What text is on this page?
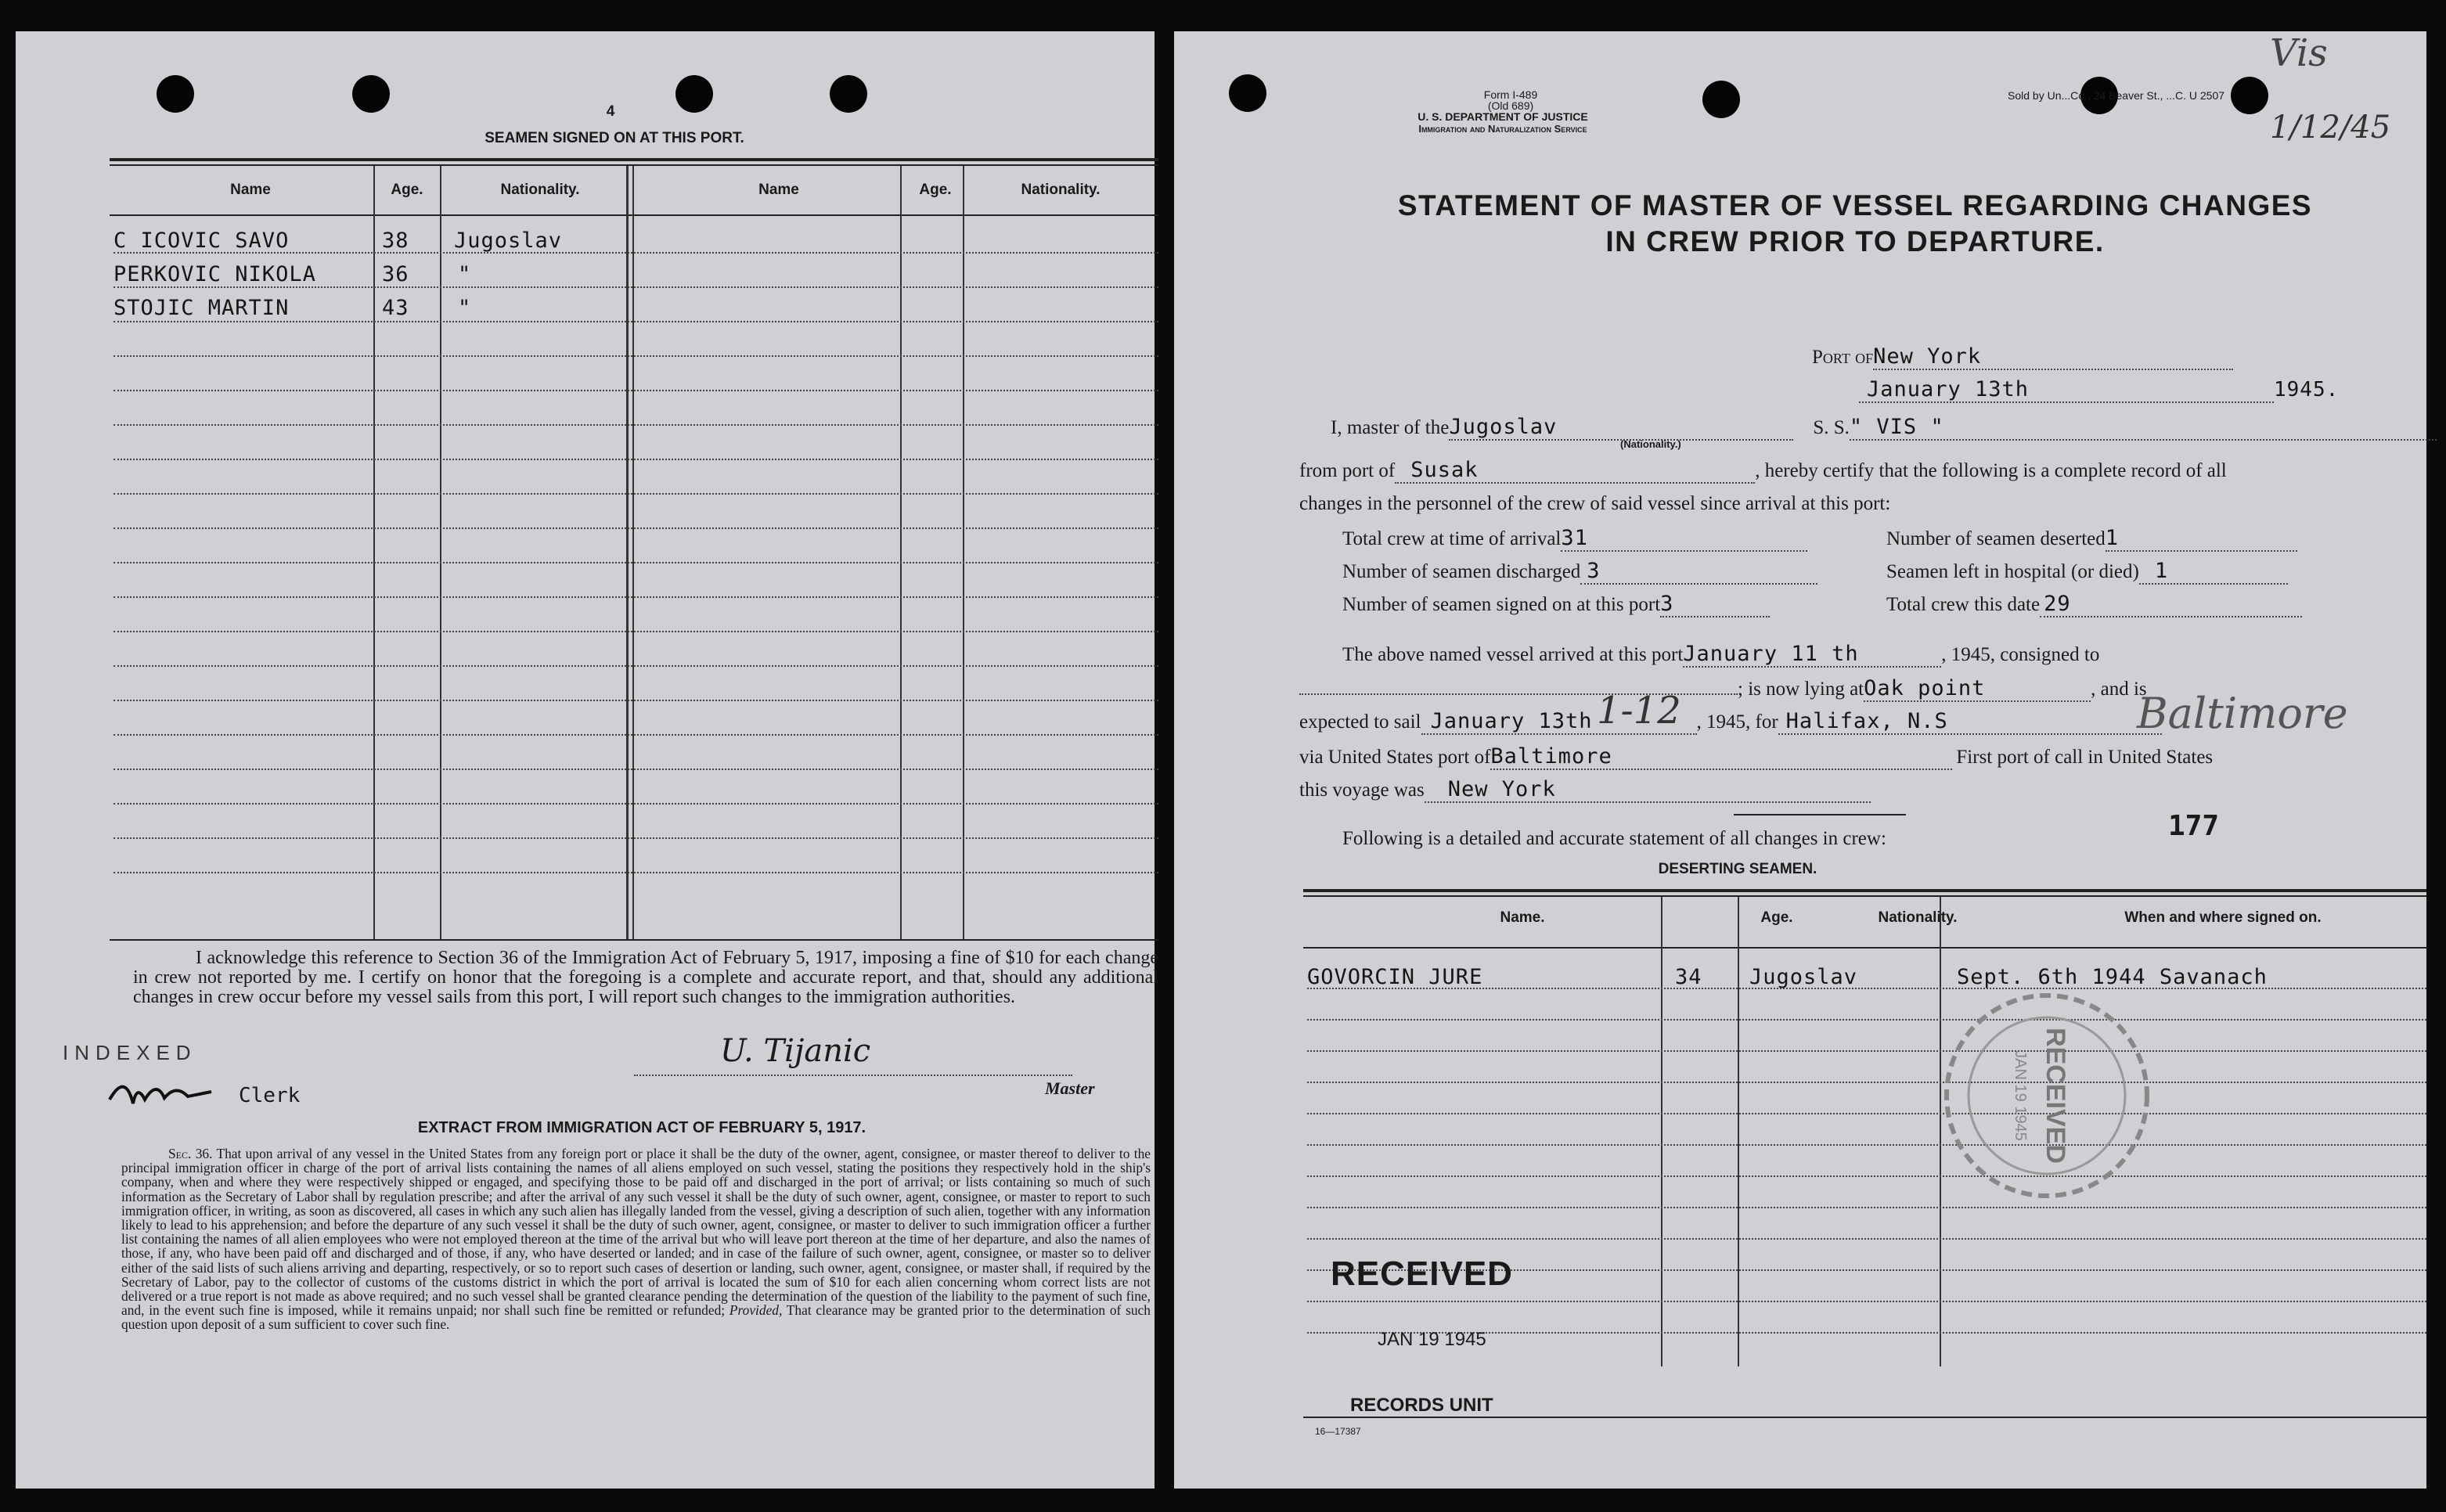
4
SEAMEN SIGNED ON AT THIS PORT.
Name	Age.	Nationality.	Name	Age.	Nationality.
C ICOVIC SAVO	38 Jugoslav
PERKOVIC NIKOLA	36 "
STOJIC MARTIN	43 "
I acknowledge this reference to Section 36 of the Immigration Act of February 5, 1917, imposing a fine of $10 for each change in crew not reported by me. I certify on honor that the foregoing is a complete and accurate report, and that, should any additional changes in crew occur before my vessel sails from this port, I will report such changes to the immigration authorities.
INDEXED
Clerk
U. Tijanic
Master
EXTRACT FROM IMMIGRATION ACT OF FEBRUARY 5, 1917.
Sec. 36. That upon arrival of any vessel in the United States from any foreign port or place it shall be the duty of the owner, agent, consignee, or master thereof to deliver to the principal immigration officer in charge of the port of arrival lists containing the names of all aliens employed on such vessel, stating the positions they respectively hold in the ship's company, when and where they were respectively shipped or engaged, and specifying those to be paid off and discharged in the port of arrival; or lists containing so much of such information as the Secretary of Labor shall by regulation prescribe; and after the arrival of any such vessel it shall be the duty of such owner, agent, consignee, or master to report to such immigration officer, in writing, as soon as discovered, all cases in which any such alien has illegally landed from the vessel, giving a description of such alien, together with any information likely to lead to his apprehension; and before the departure of any such vessel it shall be the duty of such owner, agent, consignee, or master to deliver to such immigration officer a further list containing the names of all alien employees who were not employed thereon at the time of the arrival but who will leave port thereon at the time of her departure, and also the names of those, if any, who have been paid off and discharged and of those, if any, who have deserted or landed; and in case of the failure of such owner, agent, consignee, or master so to deliver either of the said lists of such aliens arriving and departing, respectively, or so to report such cases of desertion or landing, such owner, agent, consignee, or master shall, if required by the Secretary of Labor, pay to the collector of customs of the customs district in which the port of arrival is located the sum of $10 for each alien concerning whom correct lists are not delivered or a true report is not made as above required; and no such vessel shall be granted clearance pending the determination of the question of the liability to the payment of such fine, and, in the event such fine is imposed, while it remains unpaid; nor shall such fine be remitted or refunded; Provided, That clearance may be granted prior to the determination of such question upon deposit of a sum sufficient to cover such fine.
Form I-489
(Old 689)
U. S. DEPARTMENT OF JUSTICE
Immigration and Naturalization Service
Sold by Un...Co., 24 Beaver St., ...C. U 2507
Vis
1/12/45
STATEMENT OF MASTER OF VESSEL REGARDING CHANGES
IN CREW PRIOR TO DEPARTURE.
Port ofNew York
January 13th	1945.
I, master of theJugoslav	S. S." VIS "
(Nationality.)
from port of Susak	, hereby certify that the following is a complete record of all
changes in the personnel of the crew of said vessel since arrival at this port:
Total crew at time of arrival31	Number of seamen deserted1
Number of seamen discharged 3	Seamen left in hospital (or died) 1
Number of seamen signed on at this port3	Total crew this date 29
The above named vessel arrived at this portJanuary 11 th	, 1945, consigned to
; is now lying atOak point	, and is
expected to sail January 13th	, 1945, for Halifax, N.S
1-12	Baltimore
via United States port ofBaltimore	First port of call in United States
this voyage was New York
Following is a detailed and accurate statement of all changes in crew:	177
DESERTING SEAMEN.
Name.	Age.	Nationality.	When and where signed on.
GOVORCIN JURE	34 Jugoslav	Sept. 6th 1944 Savanach
RECEIVED
JAN 19 1945
RECEIVED
JAN 19 1945
RECORDS UNIT
16—17387
